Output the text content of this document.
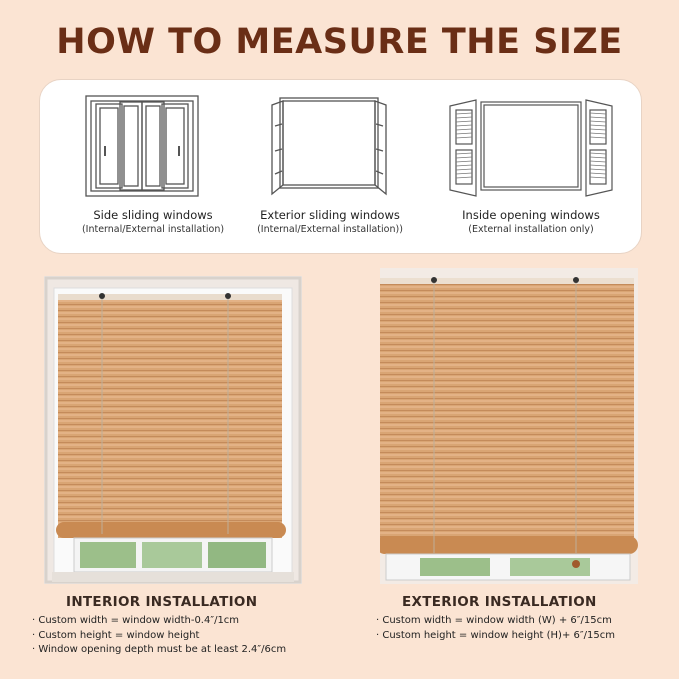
HOW TO MEASURE THE SIZE
Side sliding windows
(Internal/External installation)
Exterior sliding windows
(Internal/External installation))
Inside opening windows
(External installation only)
INTERIOR INSTALLATION
· Custom width = window width-0.4″/1cm
· Custom height = window height
· Window opening depth must be at least 2.4″/6cm
EXTERIOR INSTALLATION
· Custom width = window width (W) + 6″/15cm
· Custom height = window height (H)+ 6″/15cm
